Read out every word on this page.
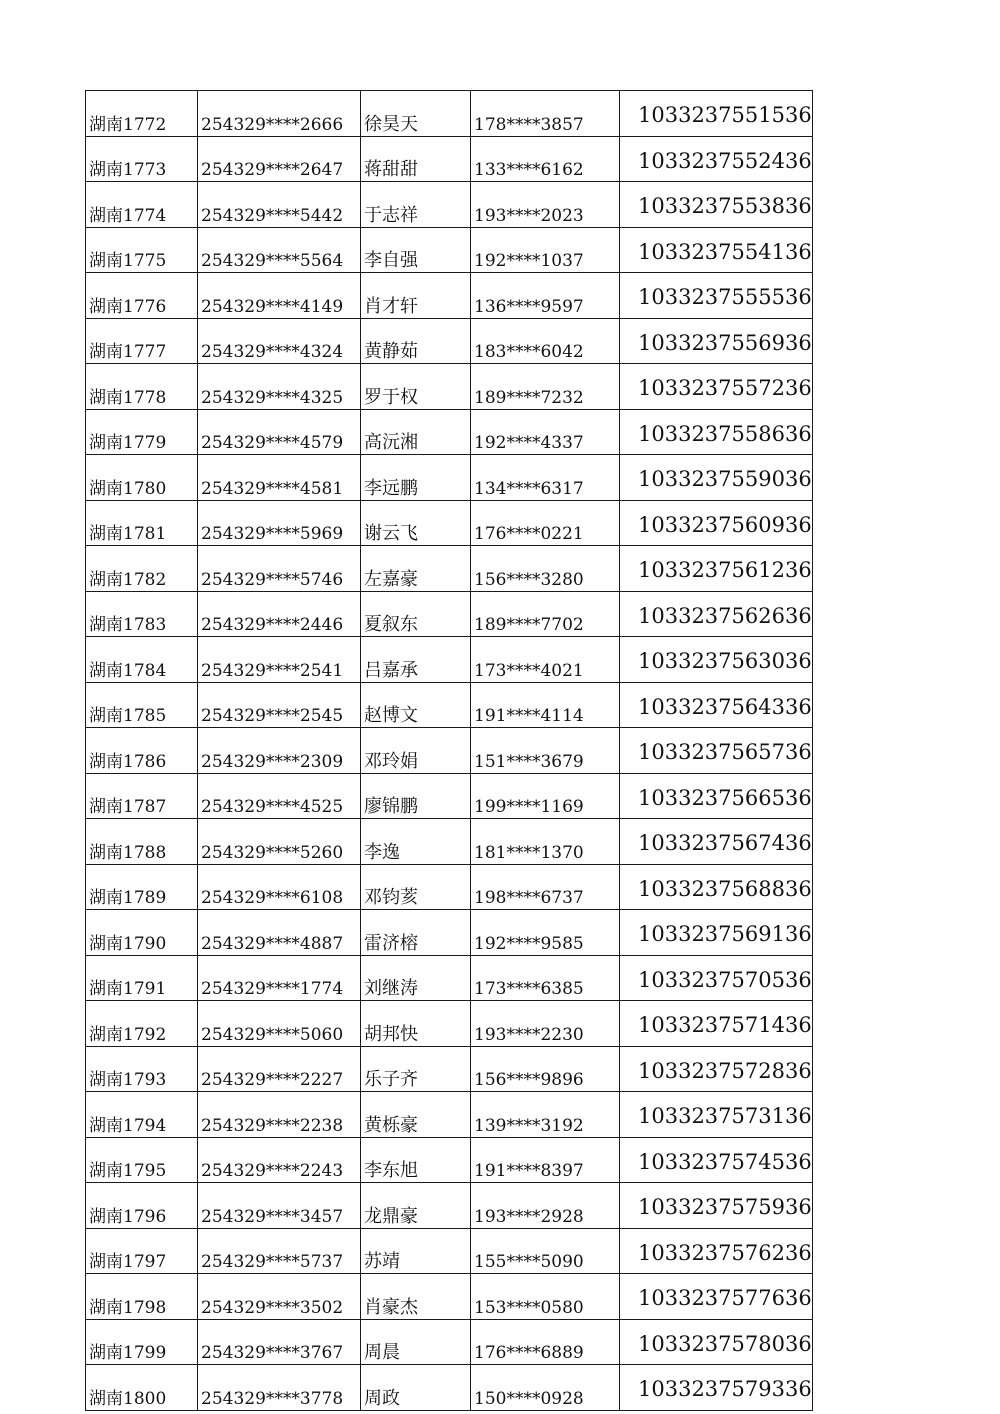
湖南1772	254329****2666	徐昊天	178****3857	1033237551536
湖南1773	254329****2647	蒋甜甜	133****6162	1033237552436
湖南1774	254329****5442	于志祥	193****2023	1033237553836
湖南1775	254329****5564	李自强	192****1037	1033237554136
湖南1776	254329****4149	肖才轩	136****9597	1033237555536
湖南1777	254329****4324	黄静茹	183****6042	1033237556936
湖南1778	254329****4325	罗于权	189****7232	1033237557236
湖南1779	254329****4579	高沅湘	192****4337	1033237558636
湖南1780	254329****4581	李远鹏	134****6317	1033237559036
湖南1781	254329****5969	谢云飞	176****0221	1033237560936
湖南1782	254329****5746	左嘉豪	156****3280	1033237561236
湖南1783	254329****2446	夏叙东	189****7702	1033237562636
湖南1784	254329****2541	吕嘉承	173****4021	1033237563036
湖南1785	254329****2545	赵博文	191****4114	1033237564336
湖南1786	254329****2309	邓玲娟	151****3679	1033237565736
湖南1787	254329****4525	廖锦鹏	199****1169	1033237566536
湖南1788	254329****5260	李逸	181****1370	1033237567436
湖南1789	254329****6108	邓钧荄	198****6737	1033237568836
湖南1790	254329****4887	雷济榕	192****9585	1033237569136
湖南1791	254329****1774	刘继涛	173****6385	1033237570536
湖南1792	254329****5060	胡邦快	193****2230	1033237571436
湖南1793	254329****2227	乐子齐	156****9896	1033237572836
湖南1794	254329****2238	黄栎豪	139****3192	1033237573136
湖南1795	254329****2243	李东旭	191****8397	1033237574536
湖南1796	254329****3457	龙鼎豪	193****2928	1033237575936
湖南1797	254329****5737	苏靖	155****5090	1033237576236
湖南1798	254329****3502	肖豪杰	153****0580	1033237577636
湖南1799	254329****3767	周晨	176****6889	1033237578036
湖南1800	254329****3778	周政	150****0928	1033237579336
